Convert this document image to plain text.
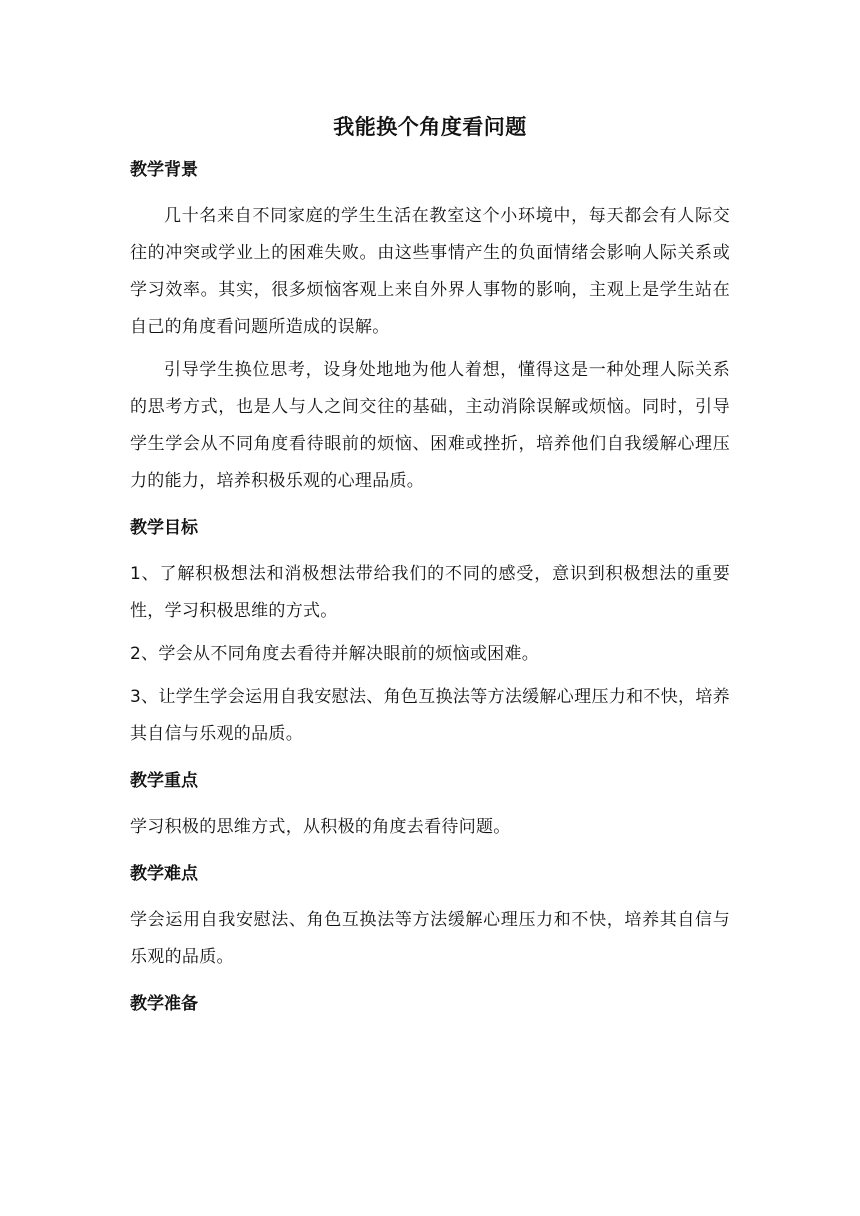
我能换个角度看问题
教学背景
几十名来自不同家庭的学生生活在教室这个小环境中，每天都会有人际交往的冲突或学业上的困难失败。由这些事情产生的负面情绪会影响人际关系或学习效率。其实，很多烦恼客观上来自外界人事物的影响，主观上是学生站在自己的角度看问题所造成的误解。
引导学生换位思考，设身处地地为他人着想，懂得这是一种处理人际关系的思考方式，也是人与人之间交往的基础，主动消除误解或烦恼。同时，引导学生学会从不同角度看待眼前的烦恼、困难或挫折，培养他们自我缓解心理压力的能力，培养积极乐观的心理品质。
教学目标
1、了解积极想法和消极想法带给我们的不同的感受，意识到积极想法的重要性，学习积极思维的方式。
2、学会从不同角度去看待并解决眼前的烦恼或困难。
3、让学生学会运用自我安慰法、角色互换法等方法缓解心理压力和不快，培养其自信与乐观的品质。
教学重点
学习积极的思维方式，从积极的角度去看待问题。
教学难点
学会运用自我安慰法、角色互换法等方法缓解心理压力和不快，培养其自信与乐观的品质。
教学准备
